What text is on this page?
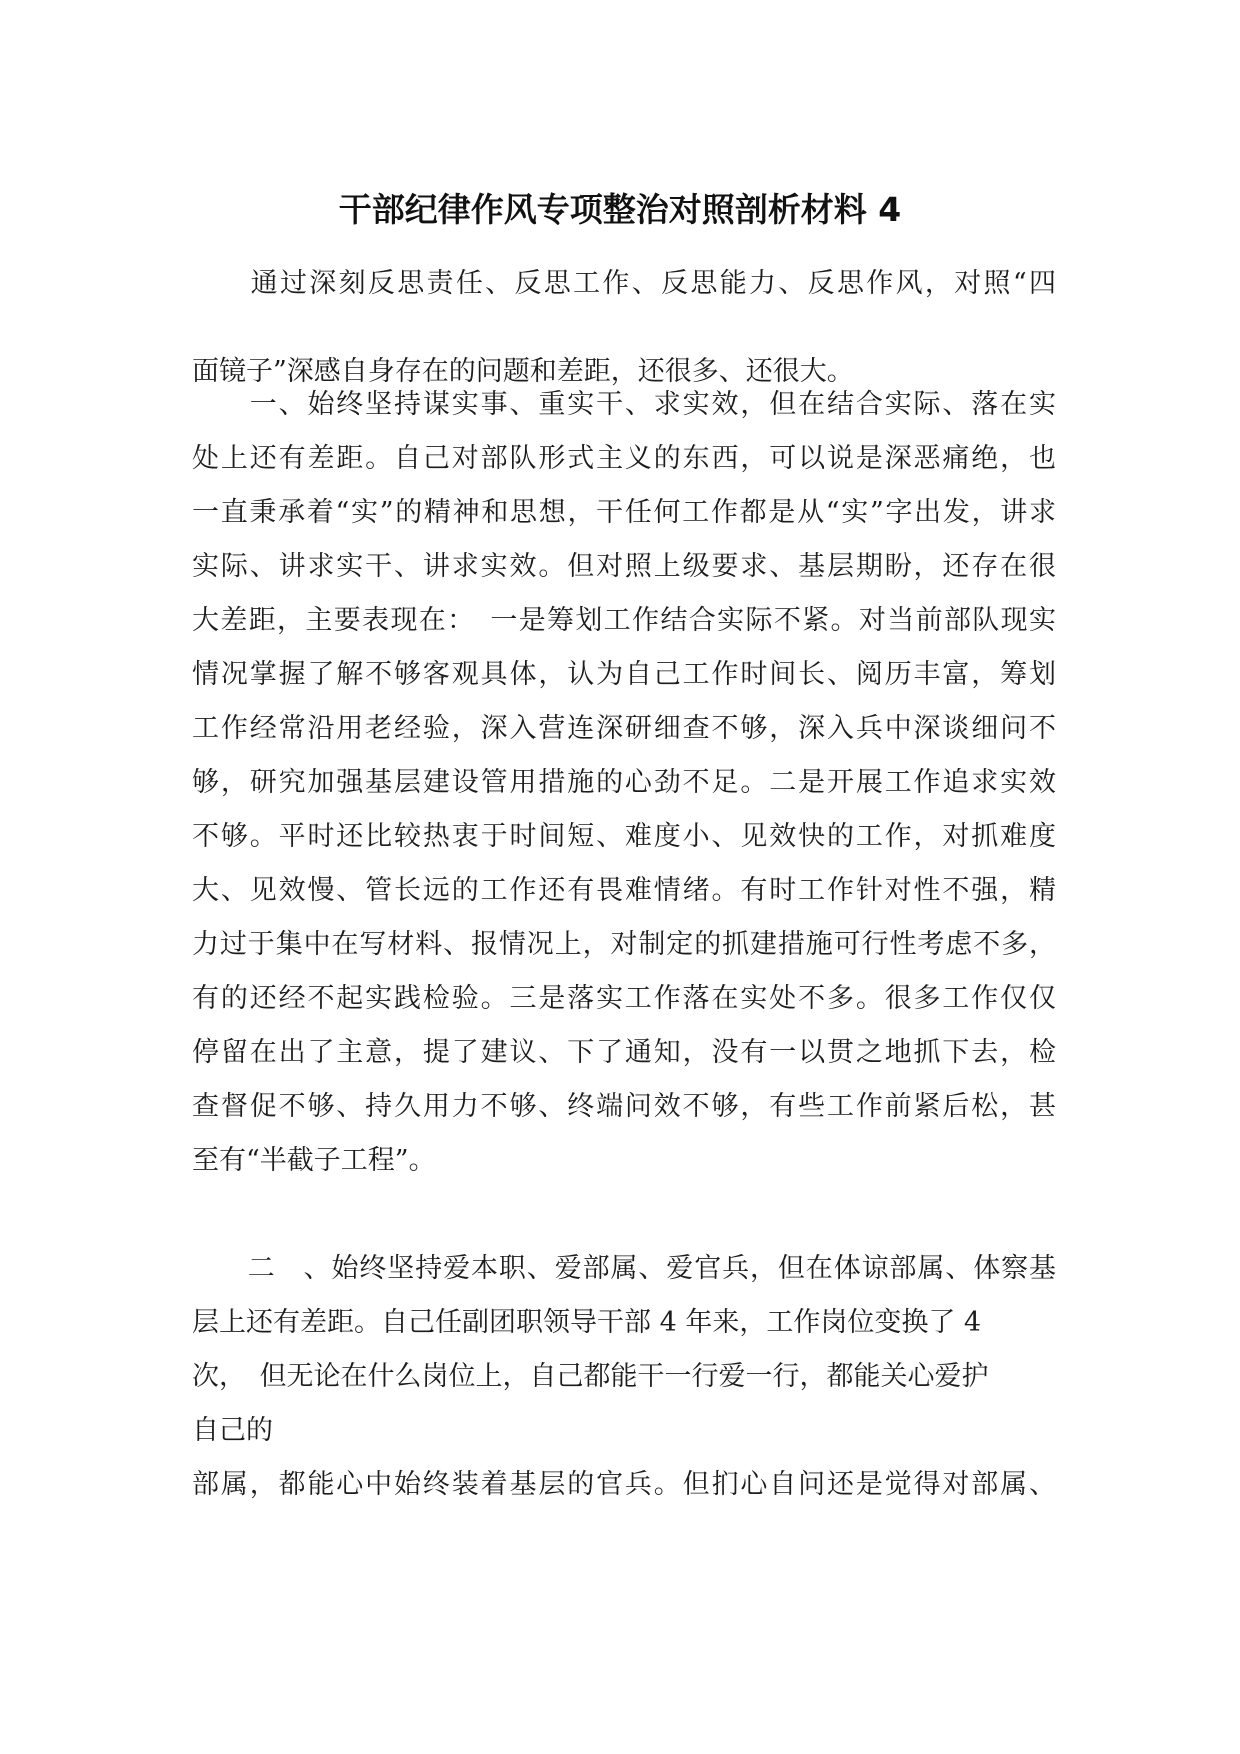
干部纪律作风专项整治对照剖析材料 4
　　通过深刻反思责任、反思工作、反思能力、反思作风，对照“四
面镜子”深感自身存在的问题和差距，还很多、还很大。
　　一、始终坚持谋实事、重实干、求实效，但在结合实际、落在实
处上还有差距。自己对部队形式主义的东西，可以说是深恶痛绝，也
一直秉承着“实”的精神和思想，干任何工作都是从“实”字出发，讲求
实际、讲求实干、讲求实效。但对照上级要求、基层期盼，还存在很
大差距，主要表现在：　一是筹划工作结合实际不紧。对当前部队现实
情况掌握了解不够客观具体，认为自己工作时间长、阅历丰富，筹划
工作经常沿用老经验，深入营连深研细查不够，深入兵中深谈细问不
够，研究加强基层建设管用措施的心劲不足。二是开展工作追求实效
不够。平时还比较热衷于时间短、难度小、见效快的工作，对抓难度
大、见效慢、管长远的工作还有畏难情绪。有时工作针对性不强，精
力过于集中在写材料、报情况上，对制定的抓建措施可行性考虑不多，
有的还经不起实践检验。三是落实工作落在实处不多。很多工作仅仅
停留在出了主意，提了建议、下了通知，没有一以贯之地抓下去，检
查督促不够、持久用力不够、终端问效不够，有些工作前紧后松，甚
至有“半截子工程”。
　　二　、始终坚持爱本职、爱部属、爱官兵，但在体谅部属、体察基
层上还有差距。自己任副团职领导干部 4 年来，工作岗位变换了 4
次，　但无论在什么岗位上，自己都能干一行爱一行，都能关心爱护
自己的
部属，都能心中始终装着基层的官兵。但扪心自问还是觉得对部属、
